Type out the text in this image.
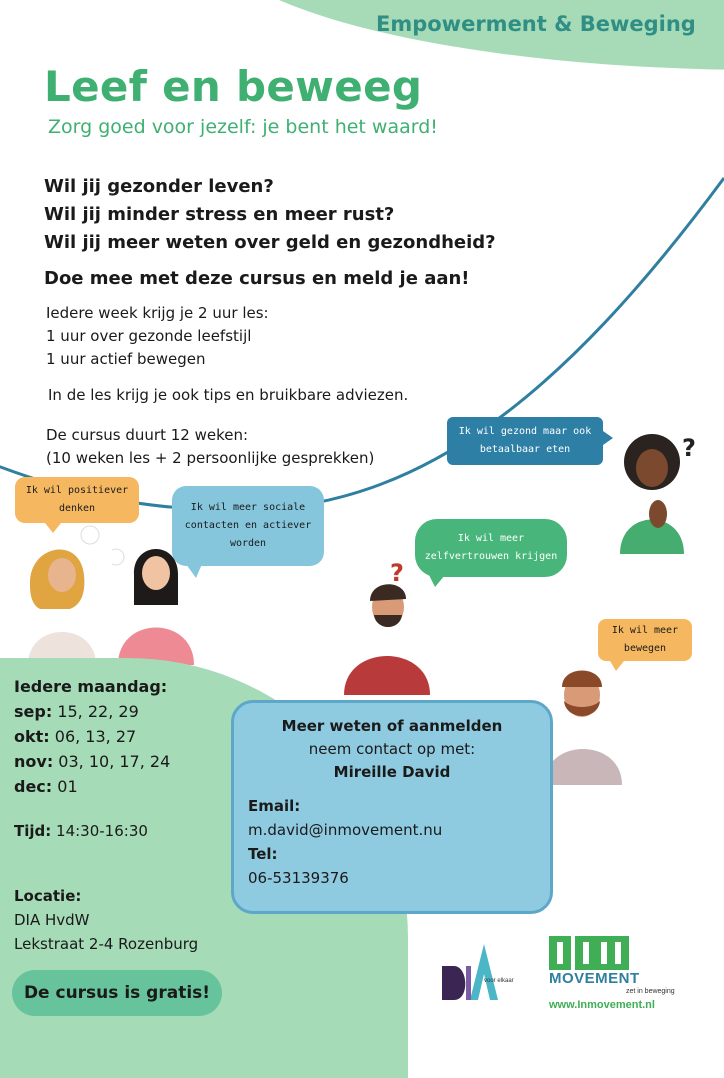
Empowerment & Beweging
Leef en beweeg
Zorg goed voor jezelf: je bent het waard!
Wil jij gezonder leven?
Wil jij minder stress en meer rust?
Wil jij meer weten over geld en gezondheid?
Doe mee met deze cursus en meld je aan!
Iedere week krijg je 2 uur les:
1 uur over gezonde leefstijl
1 uur actief bewegen
In de les krijg je ook tips en bruikbare adviezen.
De cursus duurt 12 weken:
(10 weken les + 2 persoonlijke gesprekken)
Ik wil positiever
denken	Ik wil meer sociale
contacten en actiever
worden
Ik wil gezond maar ook
betaalbaar eten
Ik wil meer
zelfvertrouwen krijgen
Ik wil meer
bewegen
?
?
Iedere maandag:
sep: 15, 22, 29
okt: 06, 13, 27
nov: 03, 10, 17, 24
dec: 01
Tijd: 14:30-16:30
Locatie:
DIA HvdW
Lekstraat 2-4 Rozenburg
De cursus is gratis!
Meer weten of aanmelden
neem contact op met:
Mireille David
Email:
m.david@inmovement.nu
Tel:
06-53139376
voor elkaar MOVEMENT
zet in beweging
www.Inmovement.nl
